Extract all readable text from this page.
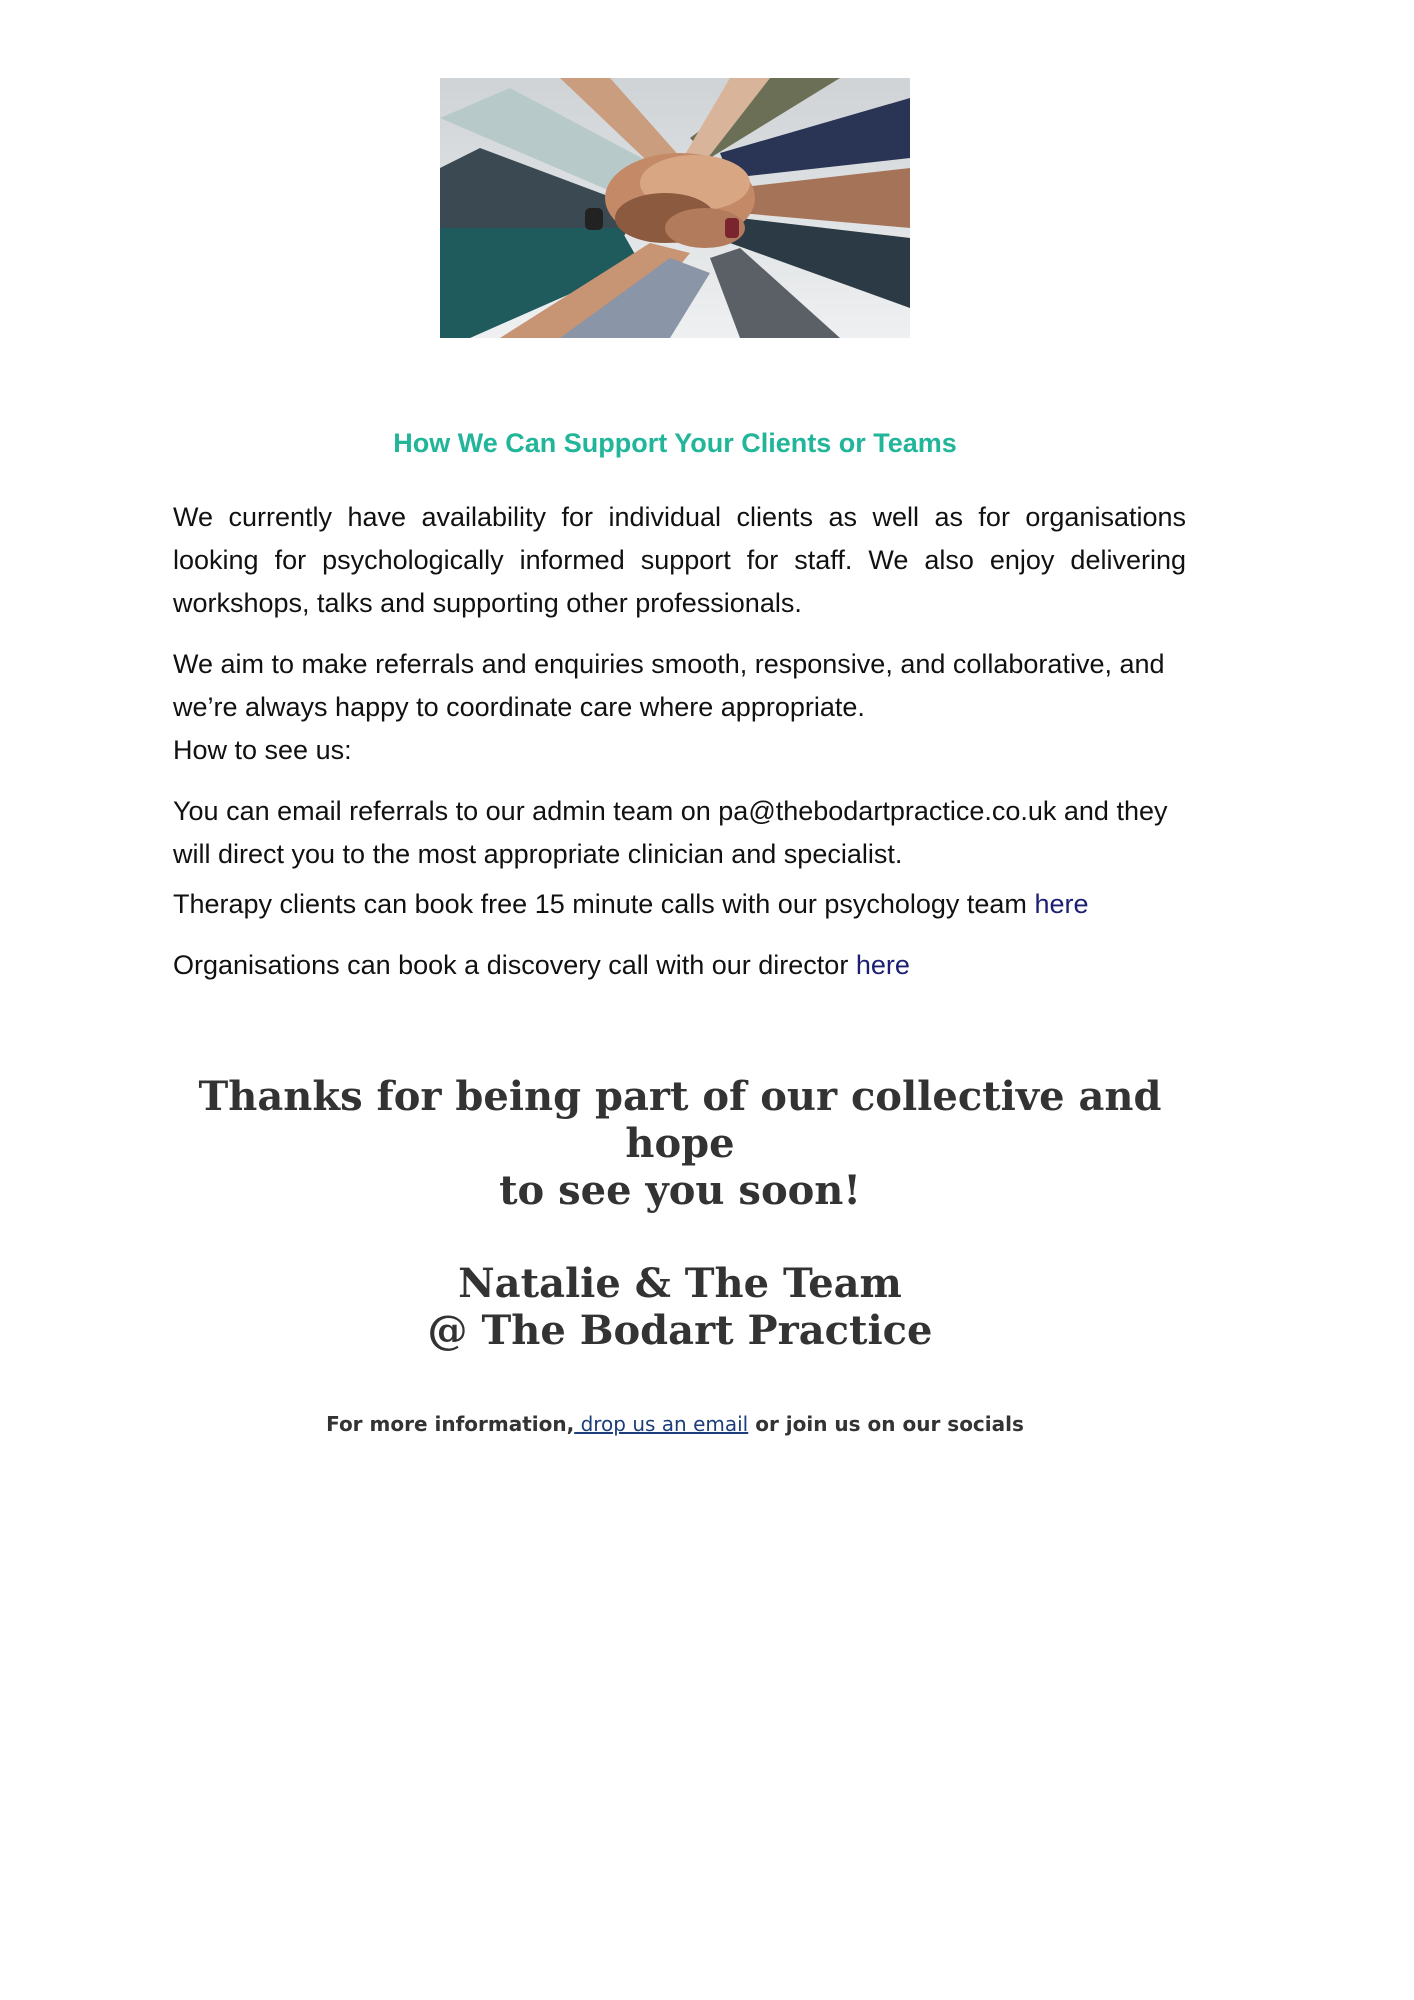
How We Can Support Your Clients or Teams

We currently have availability for individual clients as well as for organisations looking for psychologically informed support for staff. We also enjoy delivering workshops, talks and supporting other professionals.

We aim to make referrals and enquiries smooth, responsive, and collaborative, and we’re always happy to coordinate care where appropriate.
How to see us:

You can email referrals to our admin team on pa@thebodartpractice.co.uk and they will direct you to the most appropriate clinician and specialist.

Therapy clients can book free 15 minute calls with our psychology team here

Organisations can book a discovery call with our director here

Thanks for being part of our collective and hope
to see you soon!
Natalie & The Team
@ The Bodart Practice
For more information, drop us an email or join us on our socials
